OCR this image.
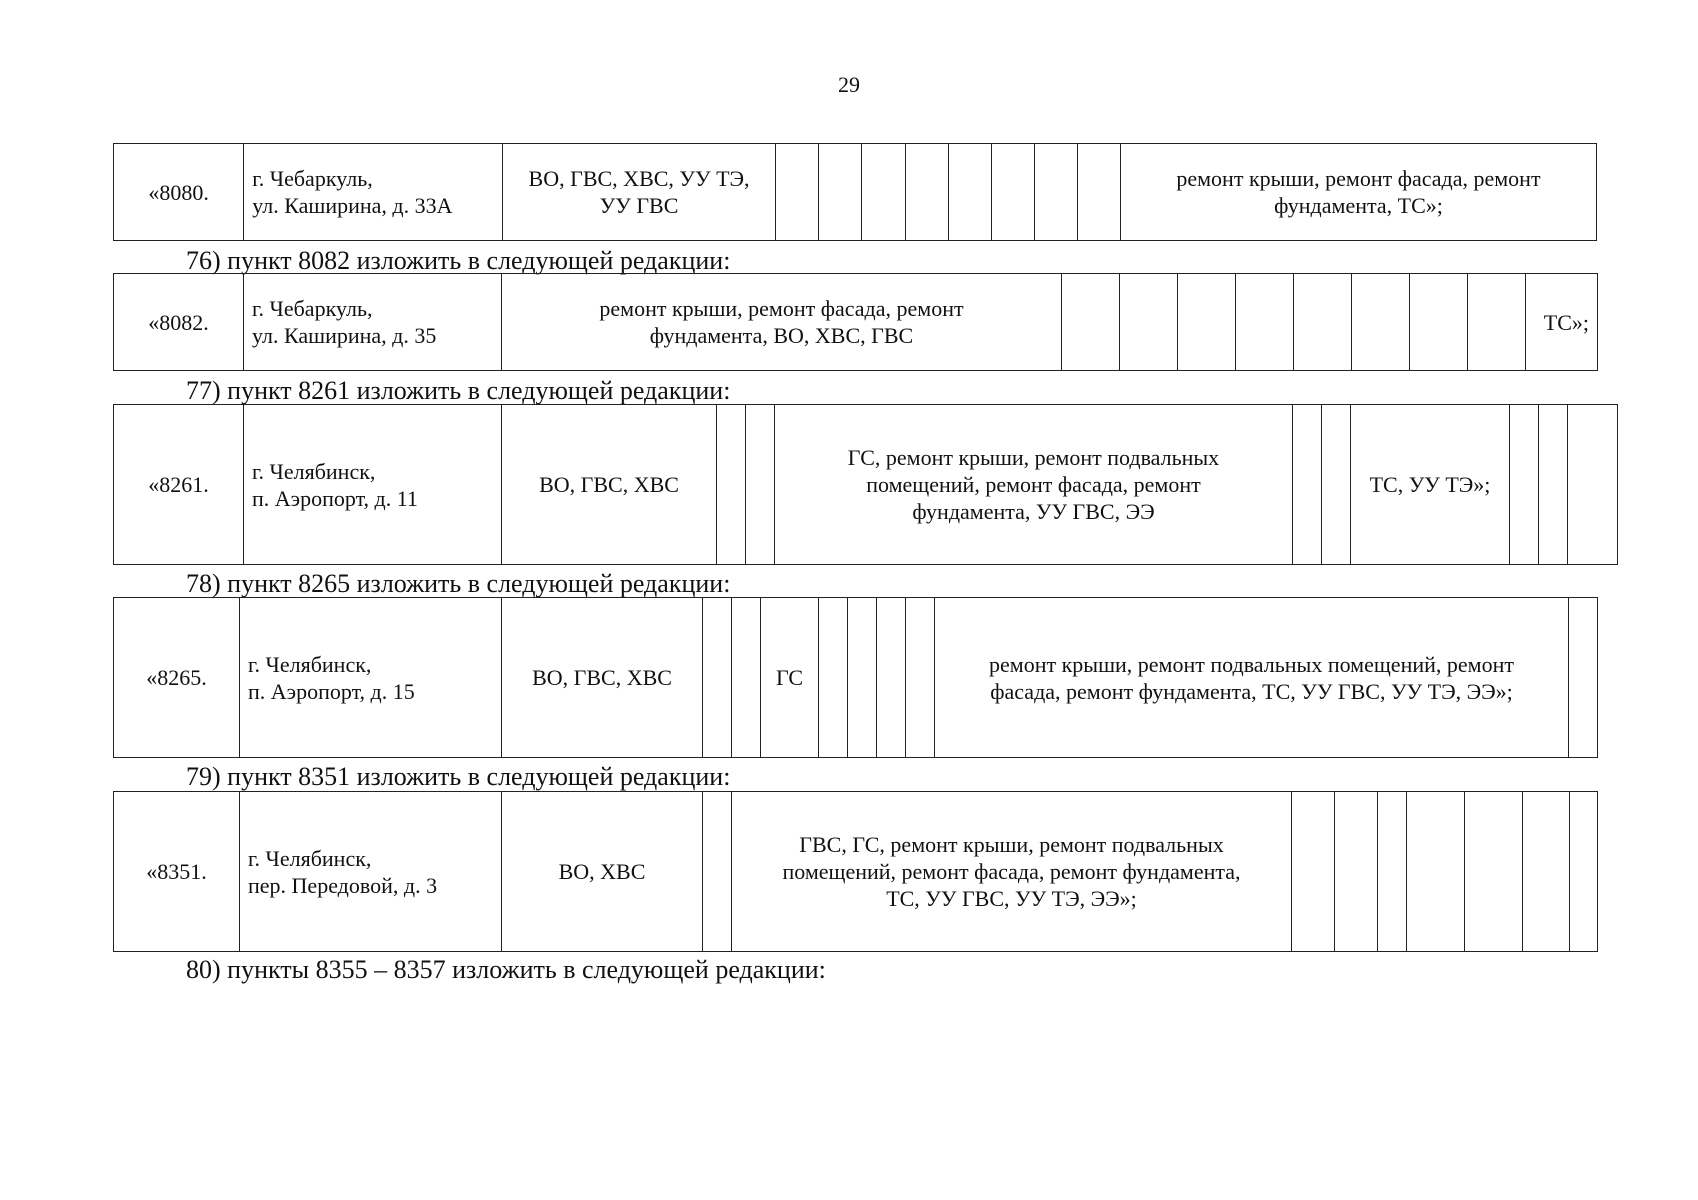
29
«8080.	г. Чебаркуль,
ул. Каширина, д. 33А	ВО, ГВС, ХВС, УУ ТЭ,
УУ ГВС									ремонт крыши, ремонт фасада, ремонт
фундамента, ТС»;
76) пункт 8082 изложить в следующей редакции:
«8082.	г. Чебаркуль,
ул. Каширина, д. 35	ремонт крыши, ремонт фасада, ремонт
фундамента, ВО, ХВС, ГВС									ТС»;
77) пункт 8261 изложить в следующей редакции:
«8261.	г. Челябинск,
п. Аэропорт, д. 11	ВО, ГВС, ХВС			ГС, ремонт крыши, ремонт подвальных
помещений, ремонт фасада, ремонт
фундамента, УУ ГВС, ЭЭ			ТС, УУ ТЭ»;			
78) пункт 8265 изложить в следующей редакции:
«8265.	г. Челябинск,
п. Аэропорт, д. 15	ВО, ГВС, ХВС			ГС					ремонт крыши, ремонт подвальных помещений, ремонт
фасада, ремонт фундамента, ТС, УУ ГВС, УУ ТЭ, ЭЭ»;	
79) пункт 8351 изложить в следующей редакции:
«8351.	г. Челябинск,
пер. Передовой, д. 3	ВО, ХВС		ГВС, ГС, ремонт крыши, ремонт подвальных
помещений, ремонт фасада, ремонт фундамента,
ТС, УУ ГВС, УУ ТЭ, ЭЭ»;							
80) пункты 8355 – 8357 изложить в следующей редакции:
